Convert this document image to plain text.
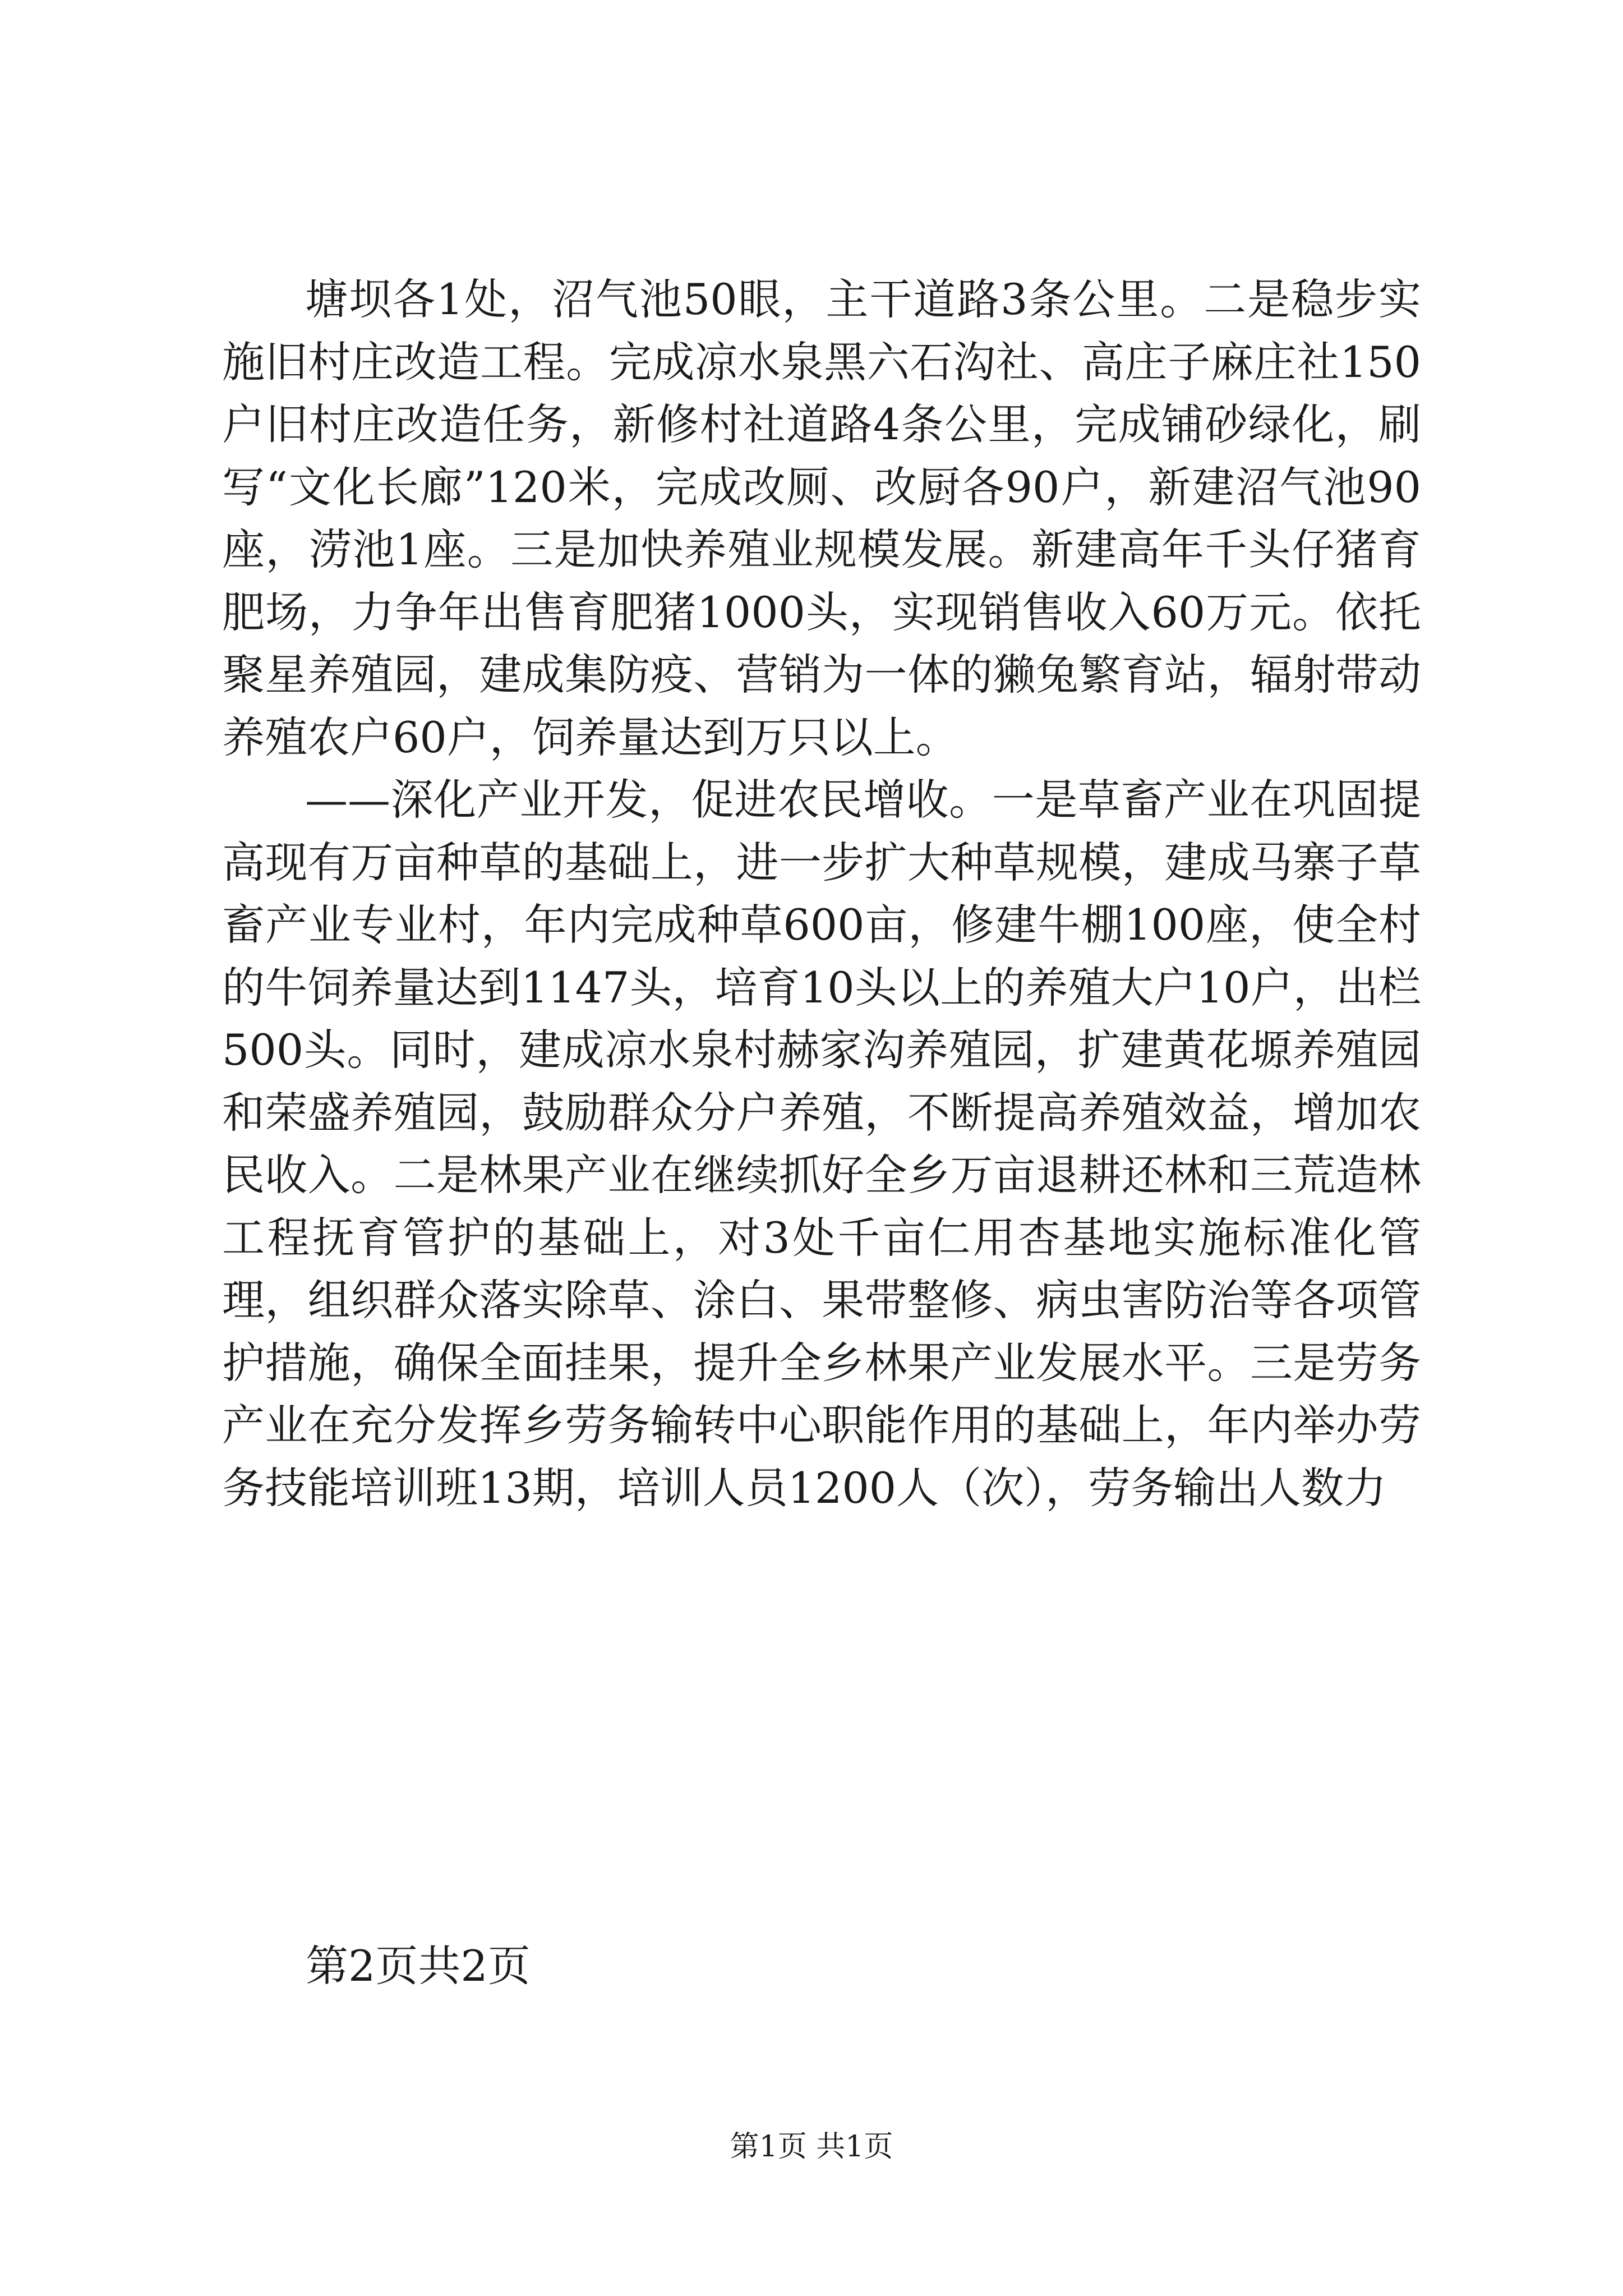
塘坝各1处，沼气池50眼，主干道路3条公里。二是稳步实施旧村庄改造工程。完成凉水泉黑六石沟社、高庄子麻庄社150户旧村庄改造任务，新修村社道路4条公里，完成铺砂绿化，刷写“文化长廊”120米，完成改厕、改厨各90户，新建沼气池90座，涝池1座。三是加快养殖业规模发展。新建高年千头仔猪育肥场，力争年出售育肥猪1000头，实现销售收入60万元。依托聚星养殖园，建成集防疫、营销为一体的獭兔繁育站，辐射带动养殖农户60户，饲养量达到万只以上。

——深化产业开发，促进农民增收。一是草畜产业在巩固提高现有万亩种草的基础上，进一步扩大种草规模，建成马寨子草畜产业专业村，年内完成种草600亩，修建牛棚100座，使全村的牛饲养量达到1147头，培育10头以上的养殖大户10户，出栏500头。同时，建成凉水泉村赫家沟养殖园，扩建黄花塬养殖园和荣盛养殖园，鼓励群众分户养殖，不断提高养殖效益，增加农民收入。二是林果产业在继续抓好全乡万亩退耕还林和三荒造林工程抚育管护的基础上，对3处千亩仁用杏基地实施标准化管理，组织群众落实除草、涂白、果带整修、病虫害防治等各项管护措施，确保全面挂果，提升全乡林果产业发展水平。三是劳务产业在充分发挥乡劳务输转中心职能作用的基础上，年内举办劳务技能培训班13期，培训人员1200人（次），劳务输出人数力

第2页共2页
第1页 共1页
